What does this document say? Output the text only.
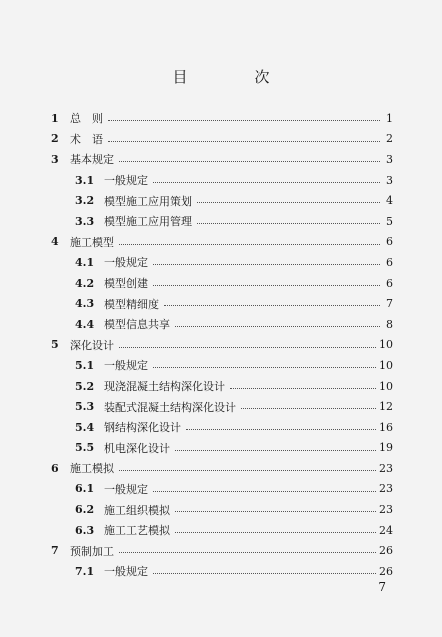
目　次
1 总　则	1
2 术　语	2
3 基本规定	3
3.1 一般规定	3
3.2 模型施工应用策划	4
3.3 模型施工应用管理	5
4 施工模型	6
4.1 一般规定	6
4.2 模型创建	6
4.3 模型精细度	7
4.4 模型信息共享	8
5 深化设计	10
5.1 一般规定	10
5.2 现浇混凝土结构深化设计	10
5.3 装配式混凝土结构深化设计	12
5.4 钢结构深化设计	16
5.5 机电深化设计	19
6 施工模拟	23
6.1 一般规定	23
6.2 施工组织模拟	23
6.3 施工工艺模拟	24
7 预制加工	26
7.1 一般规定	26
7
